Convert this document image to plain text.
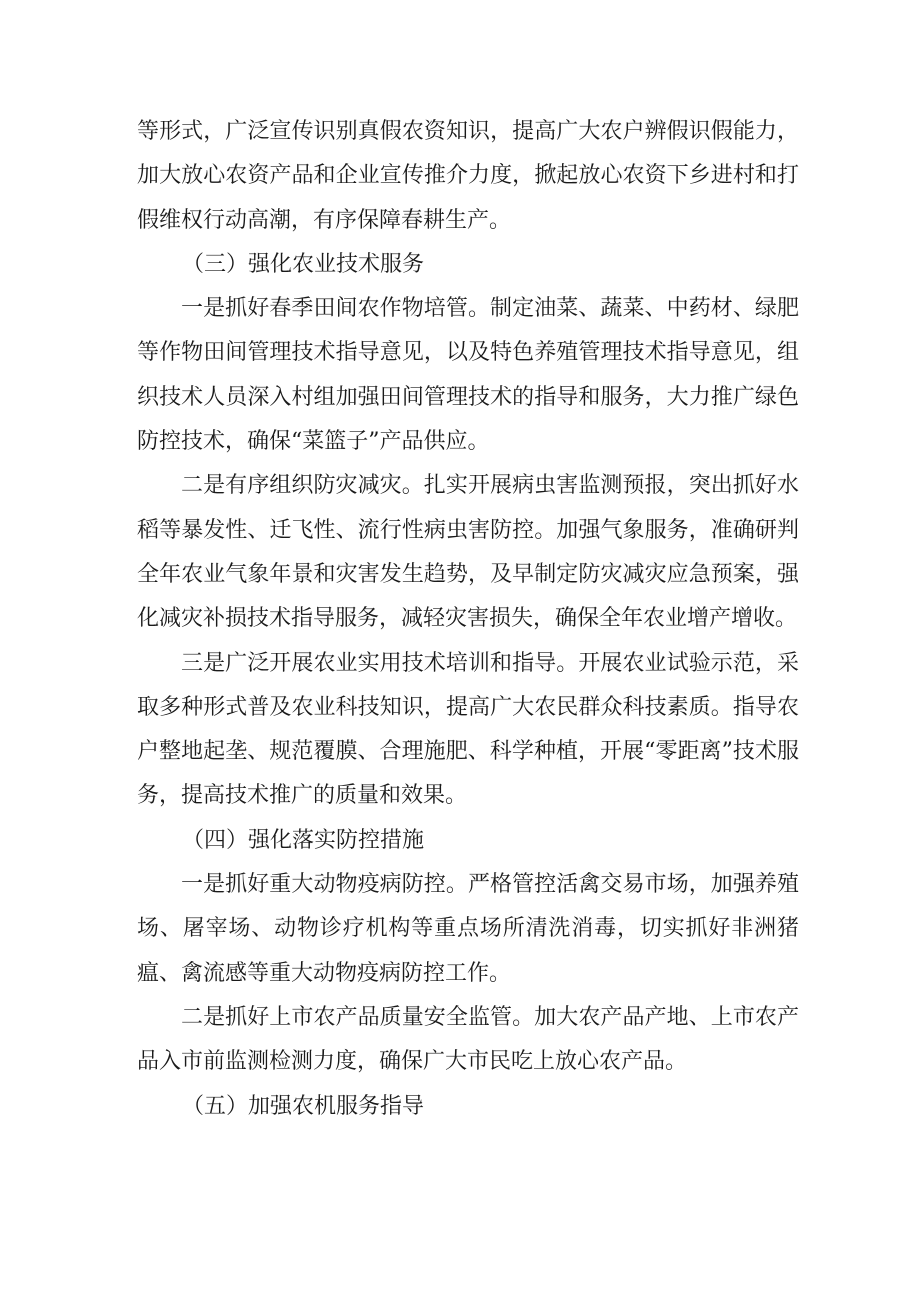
等形式，广泛宣传识别真假农资知识，提高广大农户辨假识假能力，加大放心农资产品和企业宣传推介力度，掀起放心农资下乡进村和打假维权行动高潮，有序保障春耕生产。

（三）强化农业技术服务

一是抓好春季田间农作物培管。制定油菜、蔬菜、中药材、绿肥等作物田间管理技术指导意见，以及特色养殖管理技术指导意见，组织技术人员深入村组加强田间管理技术的指导和服务，大力推广绿色防控技术，确保“菜篮子”产品供应。

二是有序组织防灾减灾。扎实开展病虫害监测预报，突出抓好水稻等暴发性、迁飞性、流行性病虫害防控。加强气象服务，准确研判全年农业气象年景和灾害发生趋势，及早制定防灾减灾应急预案，强化减灾补损技术指导服务，减轻灾害损失，确保全年农业增产增收。

三是广泛开展农业实用技术培训和指导。开展农业试验示范，采取多种形式普及农业科技知识，提高广大农民群众科技素质。指导农户整地起垄、规范覆膜、合理施肥、科学种植，开展“零距离”技术服务，提高技术推广的质量和效果。

（四）强化落实防控措施

一是抓好重大动物疫病防控。严格管控活禽交易市场，加强养殖场、屠宰场、动物诊疗机构等重点场所清洗消毒，切实抓好非洲猪瘟、禽流感等重大动物疫病防控工作。

二是抓好上市农产品质量安全监管。加大农产品产地、上市农产品入市前监测检测力度，确保广大市民吃上放心农产品。

（五）加强农机服务指导
